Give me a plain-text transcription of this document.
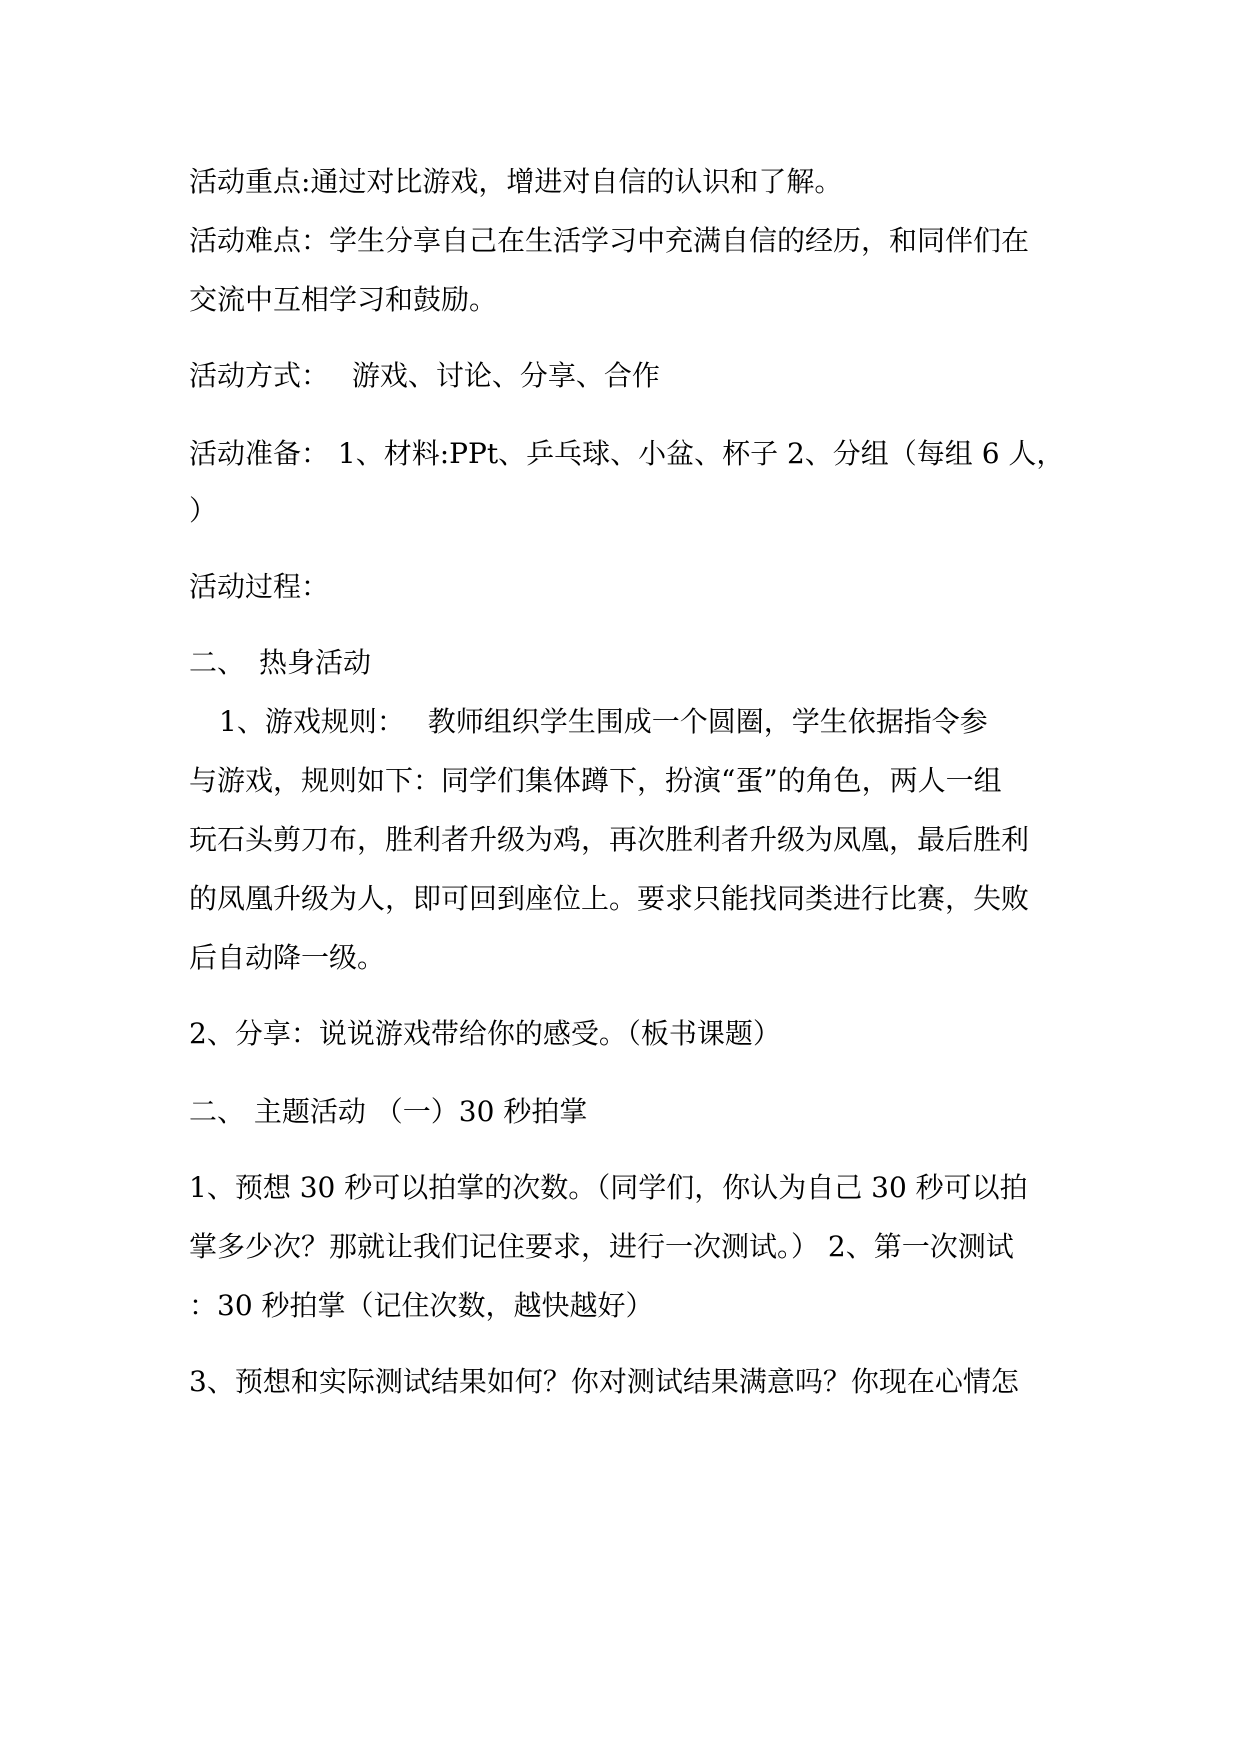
活动重点:通过对比游戏，增进对自信的认识和了解。
活动难点：学生分享自己在生活学习中充满自信的经历，和同伴们在
交流中互相学习和鼓励。
活动方式：　 游戏、讨论、分享、合作
活动准备： 1、材料:PPt、乒乓球、小盆、杯子 2、分组（每组 6 人，
）
活动过程：
二、　热身活动
1、游戏规则：　 教师组织学生围成一个圆圈，学生依据指令参
与游戏，规则如下：同学们集体蹲下，扮演“蛋”的角色，两人一组
玩石头剪刀布，胜利者升级为鸡，再次胜利者升级为凤凰，最后胜利
的凤凰升级为人，即可回到座位上。要求只能找同类进行比赛，失败
后自动降一级。
2、分享：说说游戏带给你的感受。（板书课题）
二、 主题活动 （一）30 秒拍掌
1、预想 30 秒可以拍掌的次数。（同学们，你认为自己 30 秒可以拍
掌多少次？那就让我们记住要求，进行一次测试。） 2、第一次测试
：30 秒拍掌（记住次数，越快越好）
3、预想和实际测试结果如何？你对测试结果满意吗？你现在心情怎
